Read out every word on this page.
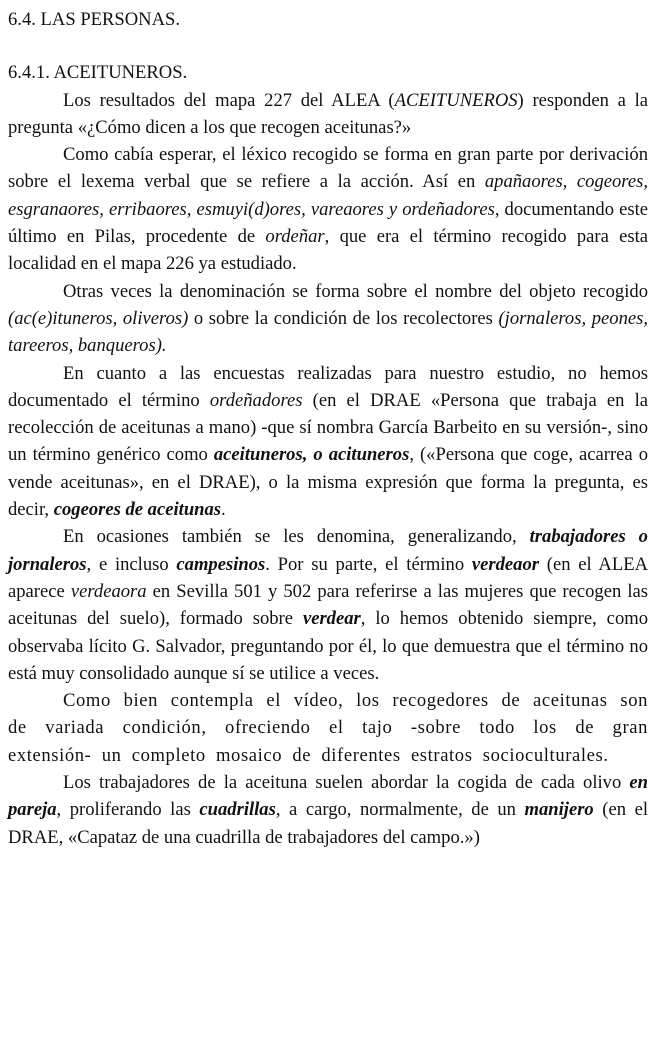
6.4. LAS PERSONAS.
6.4.1. ACEITUNEROS.

Los resultados del mapa 227 del ALEA (ACEITUNEROS) responden a la pregunta «¿Cómo dicen a los que recogen aceitunas?»

Como cabía esperar, el léxico recogido se forma en gran parte por derivación sobre el lexema verbal que se refiere a la acción. Así en apañaores, cogeores, esgranaores, erribaores, esmuyi(d)ores, vareaores y ordeñadores, documentando este último en Pilas, procedente de ordeñar, que era el término recogido para esta localidad en el mapa 226 ya estudiado.

Otras veces la denominación se forma sobre el nombre del objeto recogido (ac(e)ituneros, oliveros) o sobre la condición de los recolectores (jornaleros, peones, tareeros, banqueros).

En cuanto a las encuestas realizadas para nuestro estudio, no hemos documentado el término ordeñadores (en el DRAE «Persona que trabaja en la recolección de aceitunas a mano) -que sí nombra García Barbeito en su versión-, sino un término genérico como aceituneros, o acituneros, («Persona que coge, acarrea o vende aceitunas», en el DRAE), o la misma expresión que forma la pregunta, es decir, cogeores de aceitunas.

En ocasiones también se les denomina, generalizando, trabajadores o jornaleros, e incluso campesinos. Por su parte, el término verdeaor (en el ALEA aparece verdeaora en Sevilla 501 y 502 para referirse a las mujeres que recogen las aceitunas del suelo), formado sobre verdear, lo hemos obtenido siempre, como observaba lícito G. Salvador, preguntando por él, lo que demuestra que el término no está muy consolidado aunque sí se utilice a veces.

Como bien contempla el vídeo, los recogedores de aceitunas son de variada condición, ofreciendo el tajo -sobre todo los de gran extensión- un completo mosaico de diferentes estratos socioculturales.

Los trabajadores de la aceituna suelen abordar la cogida de cada olivo en pareja, proliferando las cuadrillas, a cargo, normalmente, de un manijero (en el DRAE, «Capataz de una cuadrilla de trabajadores del campo.»)
